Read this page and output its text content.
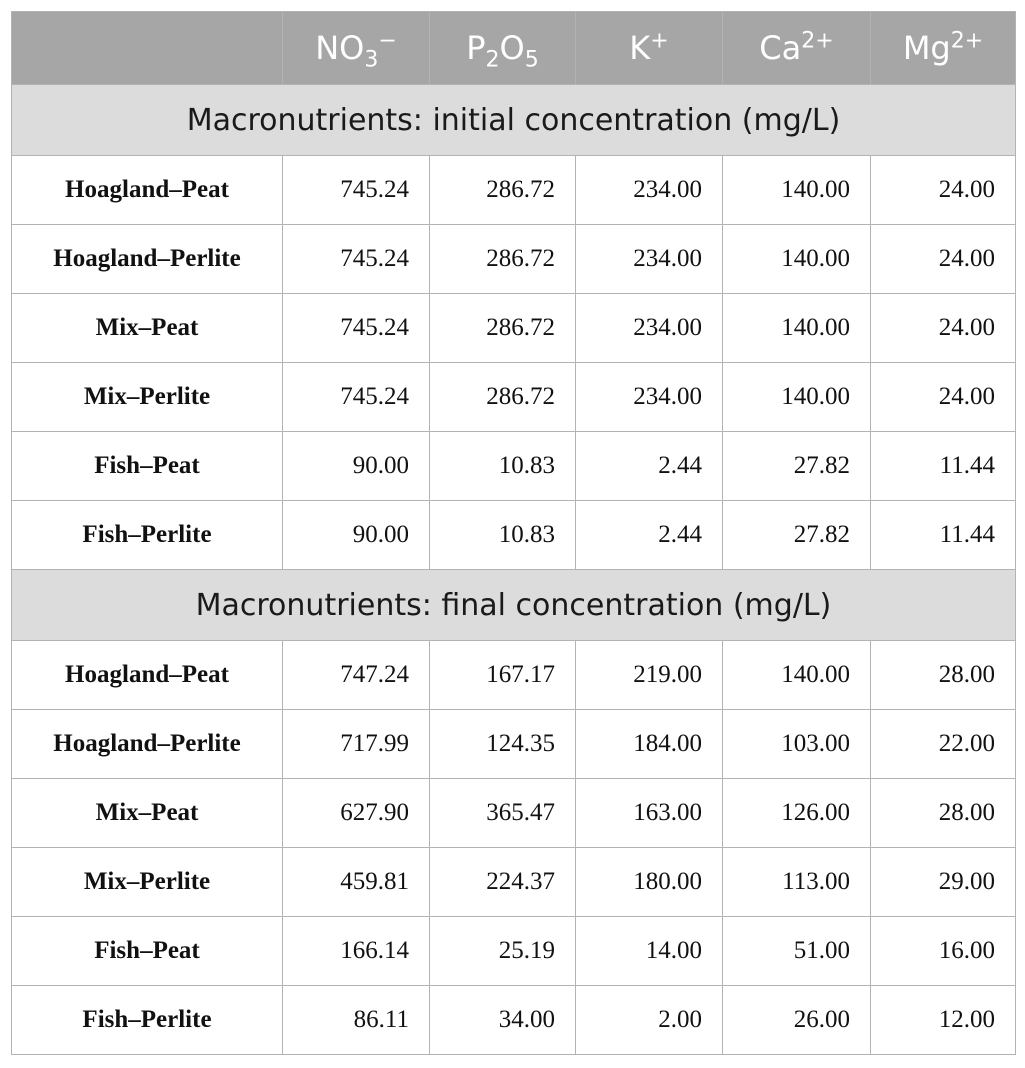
	$NO_3^-$	$P_2O_5$	K+	$Ca^{2+}$	$Mg^{2+}$
Macronutrients: initial concentration (mg/L)					
Hoagland–Peat	745.24	286.72	234.00	140.00	24.00
Hoagland–Perlite	745.24	286.72	234.00	140.00	24.00
Mix–Peat	745.24	286.72	234.00	140.00	24.00
Mix–Perlite	745.24	286.72	234.00	140.00	24.00
Fish–Peat	90.00	10.83	2.44	27.82	11.44
Fish–Perlite	90.00	10.83	2.44	27.82	11.44
Macronutrients: final concentration (mg/L)					
Hoagland–Peat	747.24	167.17	219.00	140.00	28.00
Hoagland–Perlite	717.99	124.35	184.00	103.00	22.00
Mix–Peat	627.90	365.47	163.00	126.00	28.00
Mix–Perlite	459.81	224.37	180.00	113.00	29.00
Fish–Peat	166.14	25.19	14.00	51.00	16.00
Fish–Perlite	86.11	34.00	2.00	26.00	12.00
